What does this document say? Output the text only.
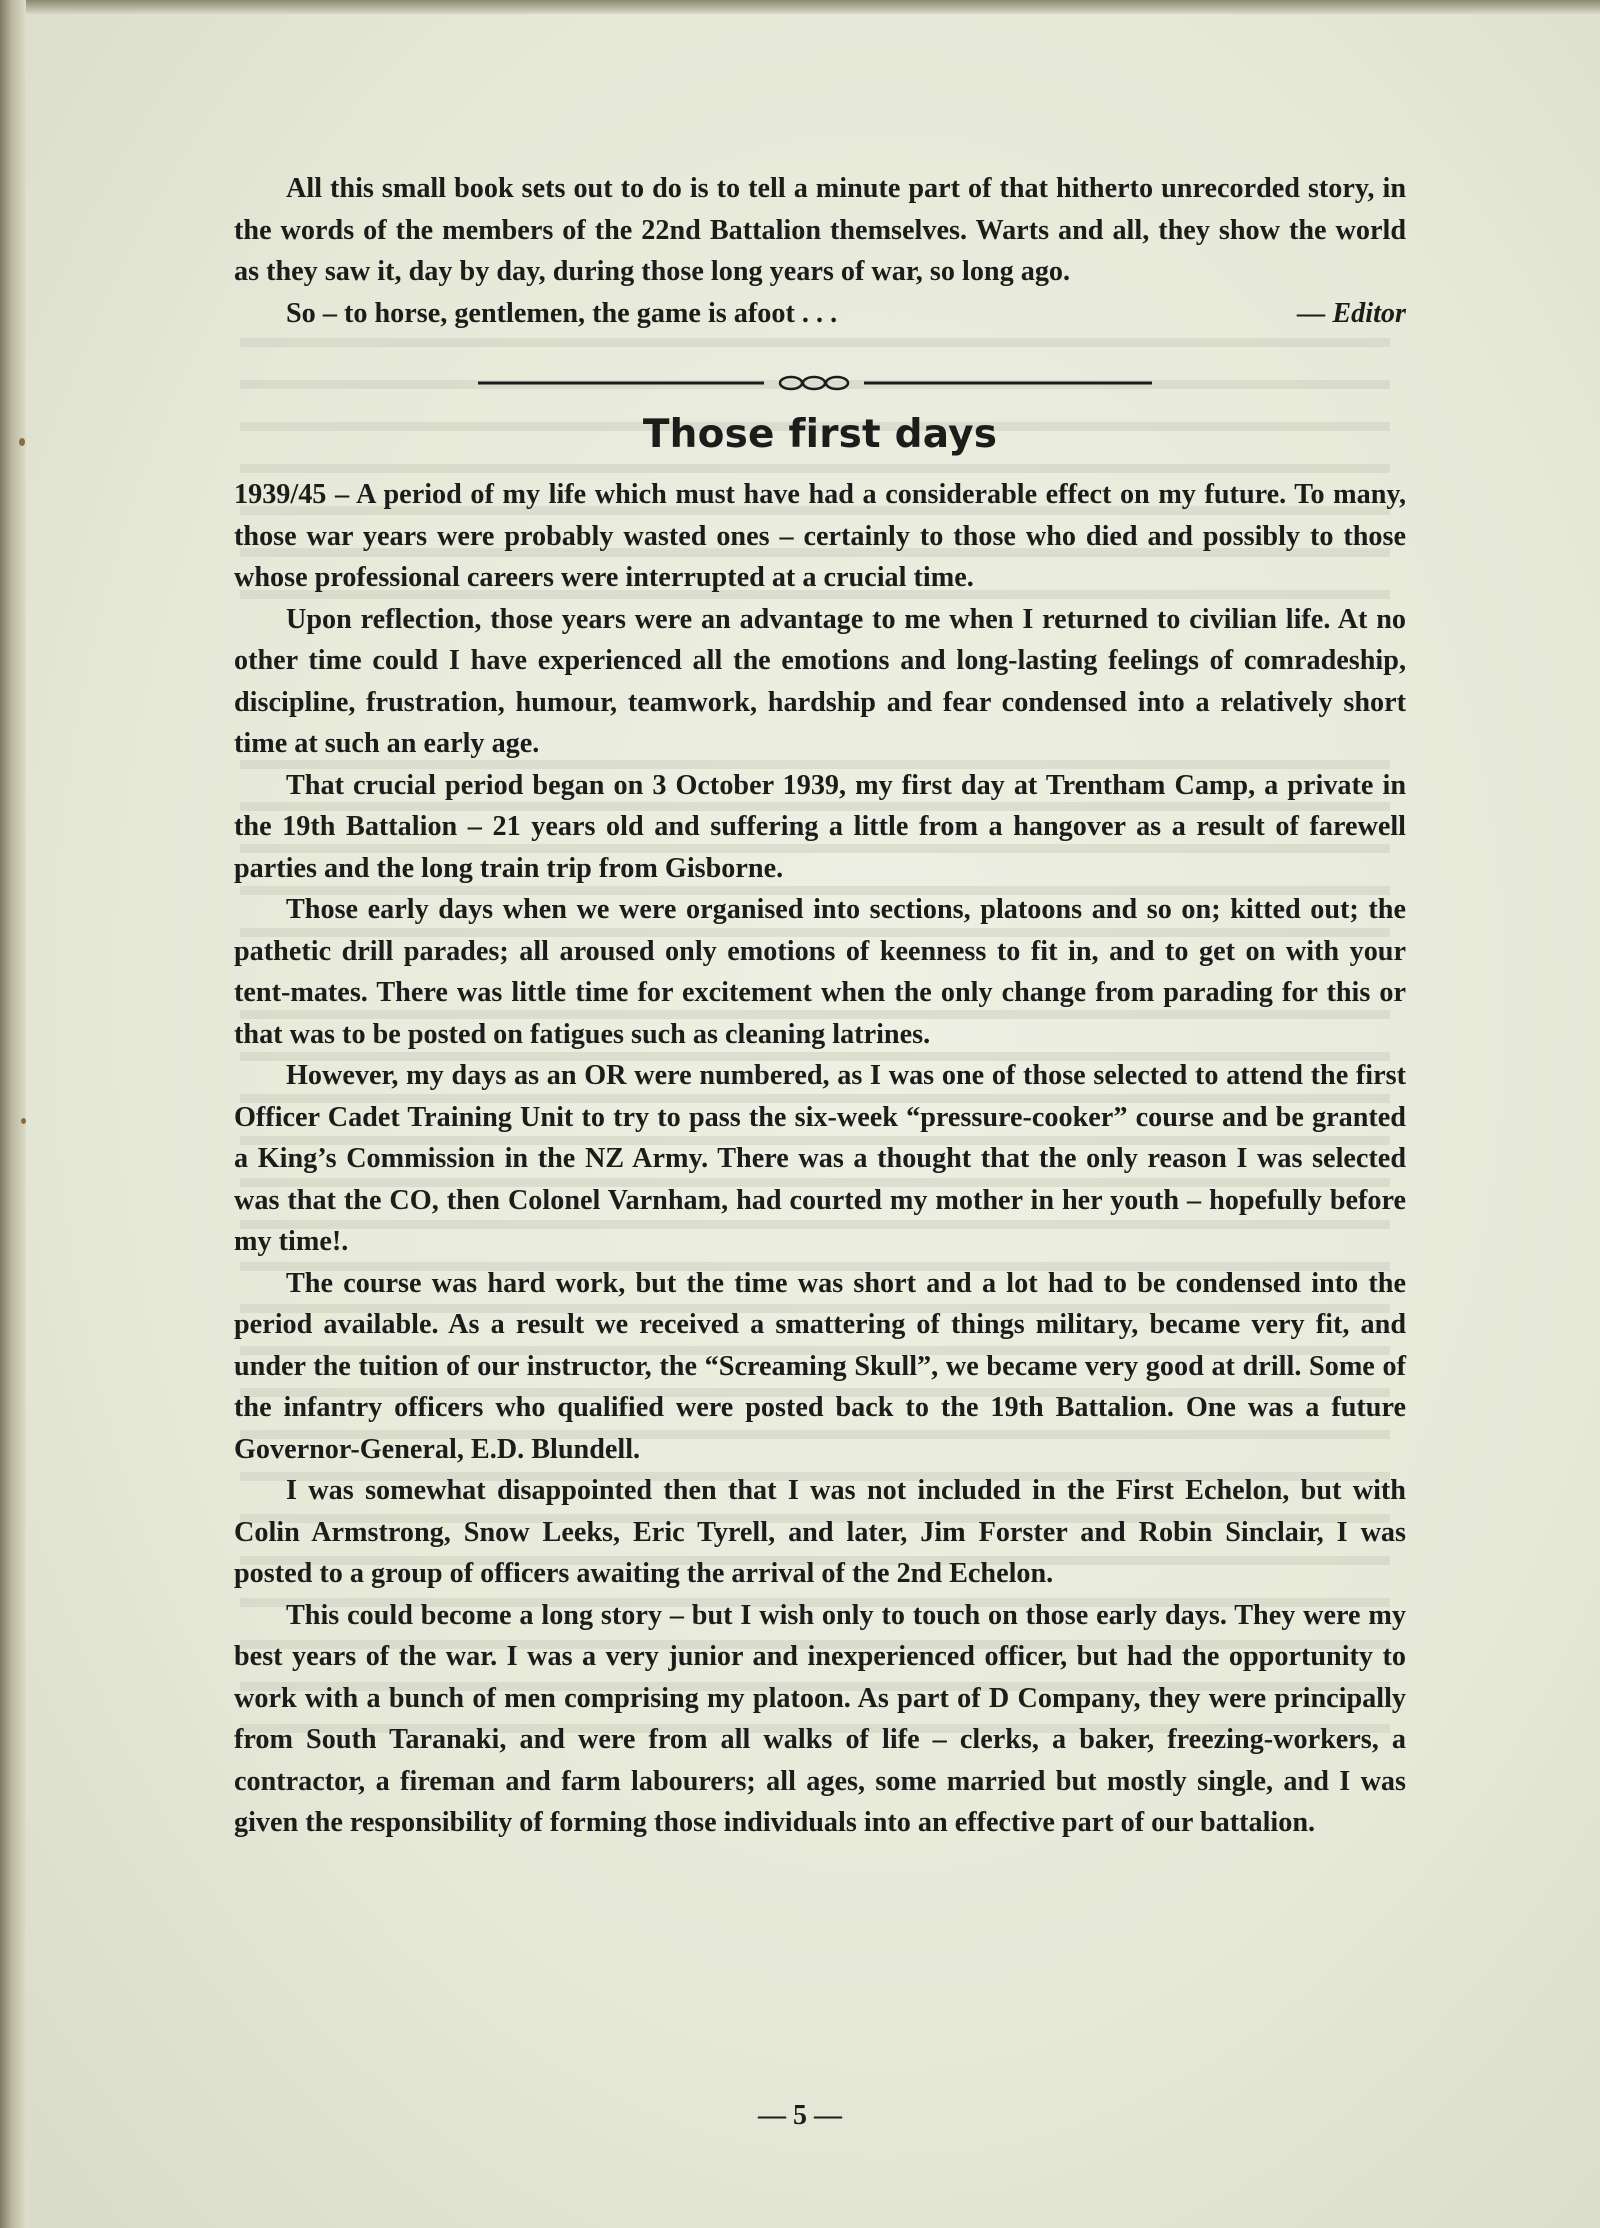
All this small book sets out to do is to tell a minute part of that hitherto unrecorded story, in the words of the members of the 22nd Battalion themselves. Warts and all, they show the world as they saw it, day by day, during those long years of war, so long ago.

So – to horse, gentlemen, the game is afoot . . .	— Editor
Those first days

1939/45 – A period of my life which must have had a considerable effect on my future. To many, those war years were probably wasted ones – certainly to those who died and possibly to those whose professional careers were interrupted at a crucial time.

Upon reflection, those years were an advantage to me when I returned to civilian life. At no other time could I have experienced all the emotions and long-lasting feelings of comradeship, discipline, frustration, humour, teamwork, hardship and fear condensed into a relatively short time at such an early age.

That crucial period began on 3 October 1939, my first day at Trentham Camp, a private in the 19th Battalion – 21 years old and suffering a little from a hangover as a result of farewell parties and the long train trip from Gisborne.

Those early days when we were organised into sections, platoons and so on; kitted out; the pathetic drill parades; all aroused only emotions of keenness to fit in, and to get on with your tent-mates. There was little time for excitement when the only change from parading for this or that was to be posted on fatigues such as cleaning latrines.

However, my days as an OR were numbered, as I was one of those selected to attend the first Officer Cadet Training Unit to try to pass the six-week “pressure-cooker” course and be granted a King’s Commission in the NZ Army. There was a thought that the only reason I was selected was that the CO, then Colonel Varnham, had courted my mother in her youth – hopefully before my time!.

The course was hard work, but the time was short and a lot had to be condensed into the period available. As a result we received a smattering of things military, became very fit, and under the tuition of our instructor, the “Screaming Skull”, we became very good at drill. Some of the infantry officers who qualified were posted back to the 19th Battalion. One was a future Governor-General, E.D. Blundell.

I was somewhat disappointed then that I was not included in the First Echelon, but with Colin Armstrong, Snow Leeks, Eric Tyrell, and later, Jim Forster and Robin Sinclair, I was posted to a group of officers awaiting the arrival of the 2nd Echelon.

This could become a long story – but I wish only to touch on those early days. They were my best years of the war. I was a very junior and inexperienced officer, but had the opportunity to work with a bunch of men comprising my platoon. As part of D Company, they were principally from South Taranaki, and were from all walks of life – clerks, a baker, freezing-workers, a contractor, a fireman and farm labourers; all ages, some married but mostly single, and I was given the responsibility of forming those individuals into an effective part of our battalion.

— 5 —
